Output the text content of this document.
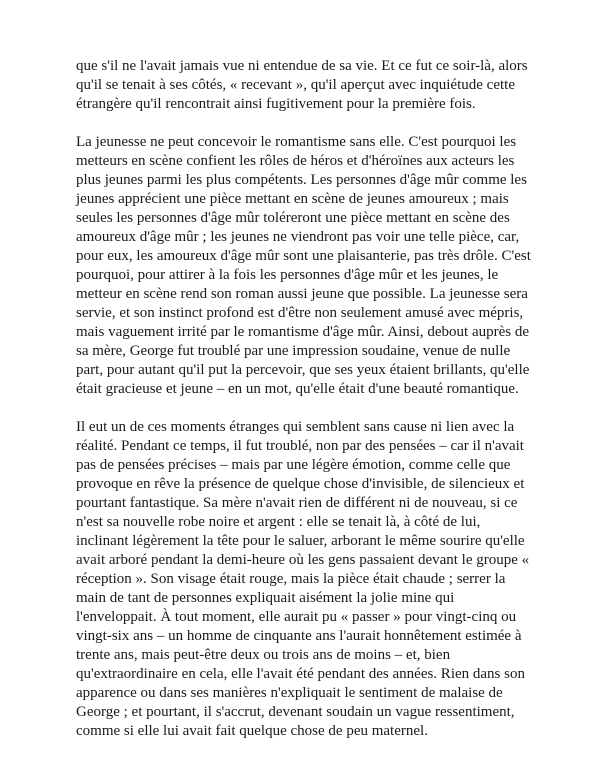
que s'il ne l'avait jamais vue ni entendue de sa vie. Et ce fut ce soir-là, alors qu'il se tenait à ses côtés, « recevant », qu'il aperçut avec inquiétude cette étrangère qu'il rencontrait ainsi fugitivement pour la première fois.

La jeunesse ne peut concevoir le romantisme sans elle. C'est pourquoi les metteurs en scène confient les rôles de héros et d'héroïnes aux acteurs les plus jeunes parmi les plus compétents. Les personnes d'âge mûr comme les jeunes apprécient une pièce mettant en scène de jeunes amoureux ; mais seules les personnes d'âge mûr toléreront une pièce mettant en scène des amoureux d'âge mûr ; les jeunes ne viendront pas voir une telle pièce, car, pour eux, les amoureux d'âge mûr sont une plaisanterie, pas très drôle. C'est pourquoi, pour attirer à la fois les personnes d'âge mûr et les jeunes, le metteur en scène rend son roman aussi jeune que possible. La jeunesse sera servie, et son instinct profond est d'être non seulement amusé avec mépris, mais vaguement irrité par le romantisme d'âge mûr. Ainsi, debout auprès de sa mère, George fut troublé par une impression soudaine, venue de nulle part, pour autant qu'il put la percevoir, que ses yeux étaient brillants, qu'elle était gracieuse et jeune – en un mot, qu'elle était d'une beauté romantique.

Il eut un de ces moments étranges qui semblent sans cause ni lien avec la réalité. Pendant ce temps, il fut troublé, non par des pensées – car il n'avait pas de pensées précises – mais par une légère émotion, comme celle que provoque en rêve la présence de quelque chose d'invisible, de silencieux et pourtant fantastique. Sa mère n'avait rien de différent ni de nouveau, si ce n'est sa nouvelle robe noire et argent : elle se tenait là, à côté de lui, inclinant légèrement la tête pour le saluer, arborant le même sourire qu'elle avait arboré pendant la demi-heure où les gens passaient devant le groupe « réception ». Son visage était rouge, mais la pièce était chaude ; serrer la main de tant de personnes expliquait aisément la jolie mine qui l'enveloppait. À tout moment, elle aurait pu « passer » pour vingt-cinq ou vingt-six ans – un homme de cinquante ans l'aurait honnêtement estimée à trente ans, mais peut-être deux ou trois ans de moins – et, bien qu'extraordinaire en cela, elle l'avait été pendant des années. Rien dans son apparence ou dans ses manières n'expliquait le sentiment de malaise de George ; et pourtant, il s'accrut, devenant soudain un vague ressentiment, comme si elle lui avait fait quelque chose de peu maternel.
